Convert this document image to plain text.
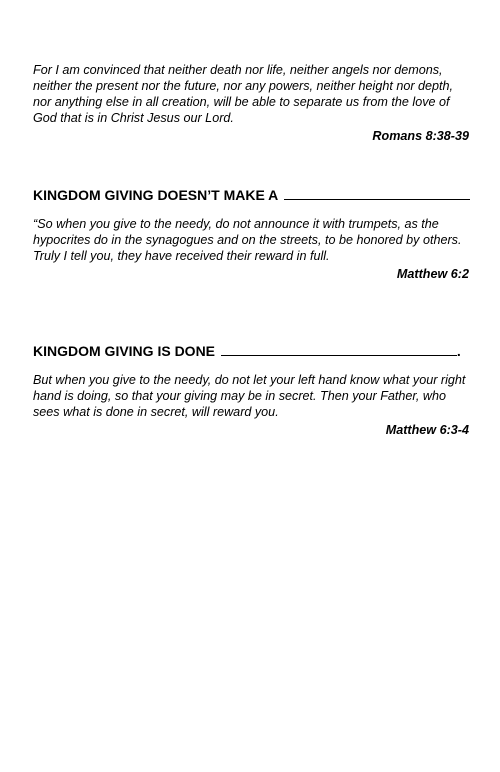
For I am convinced that neither death nor life, neither angels nor demons, neither the present nor the future, nor any powers, neither height nor depth, nor anything else in all creation, will be able to separate us from the love of God that is in Christ Jesus our Lord.

Romans 8:38-39

KINGDOM GIVING DOESN’T MAKE A

“So when you give to the needy, do not announce it with trumpets, as the hypocrites do in the synagogues and on the streets, to be honored by others. Truly I tell you, they have received their reward in full.

Matthew 6:2

KINGDOM GIVING IS DONE	.

But when you give to the needy, do not let your left hand know what your right hand is doing, so that your giving may be in secret. Then your Father, who sees what is done in secret, will reward you.

Matthew 6:3-4
